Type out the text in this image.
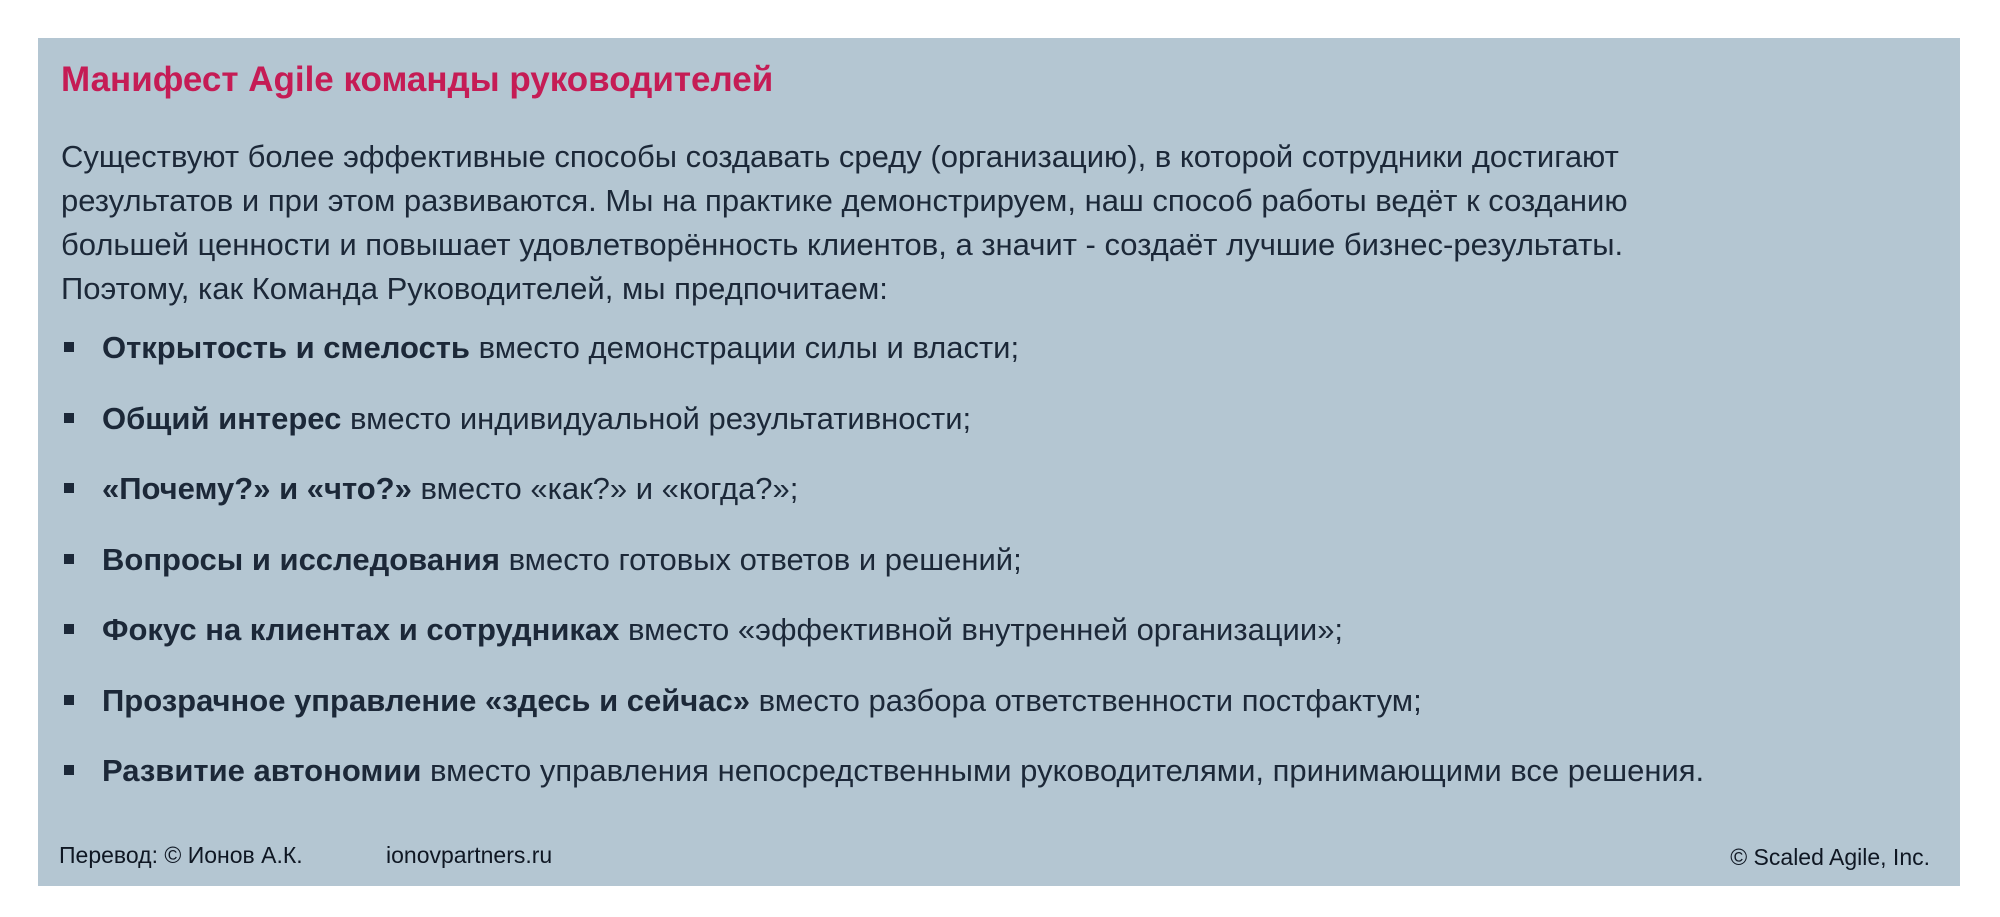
Манифест Agile команды руководителей

Существуют более эффективные способы создавать среду (организацию), в которой сотрудники достигают
результатов и при этом развиваются. Мы на практике демонстрируем, наш способ работы ведёт к созданию
большей ценности и повышает удовлетворённость клиентов, а значит - создаёт лучшие бизнес-результаты.
Поэтому, как Команда Руководителей, мы предпочитаем:

Открытость и смелость вместо демонстрации силы и власти;
Общий интерес вместо индивидуальной результативности;
«Почему?» и «что?» вместо «как?» и «когда?»;
Вопросы и исследования вместо готовых ответов и решений;
Фокус на клиентах и сотрудниках вместо «эффективной внутренней организации»;
Прозрачное управление «здесь и сейчас» вместо разбора ответственности постфактум;
Развитие автономии вместо управления непосредственными руководителями, принимающими все решения.
Перевод: © Ионов А.К.	ionovpartners.ru	© Scaled Agile, Inc.
